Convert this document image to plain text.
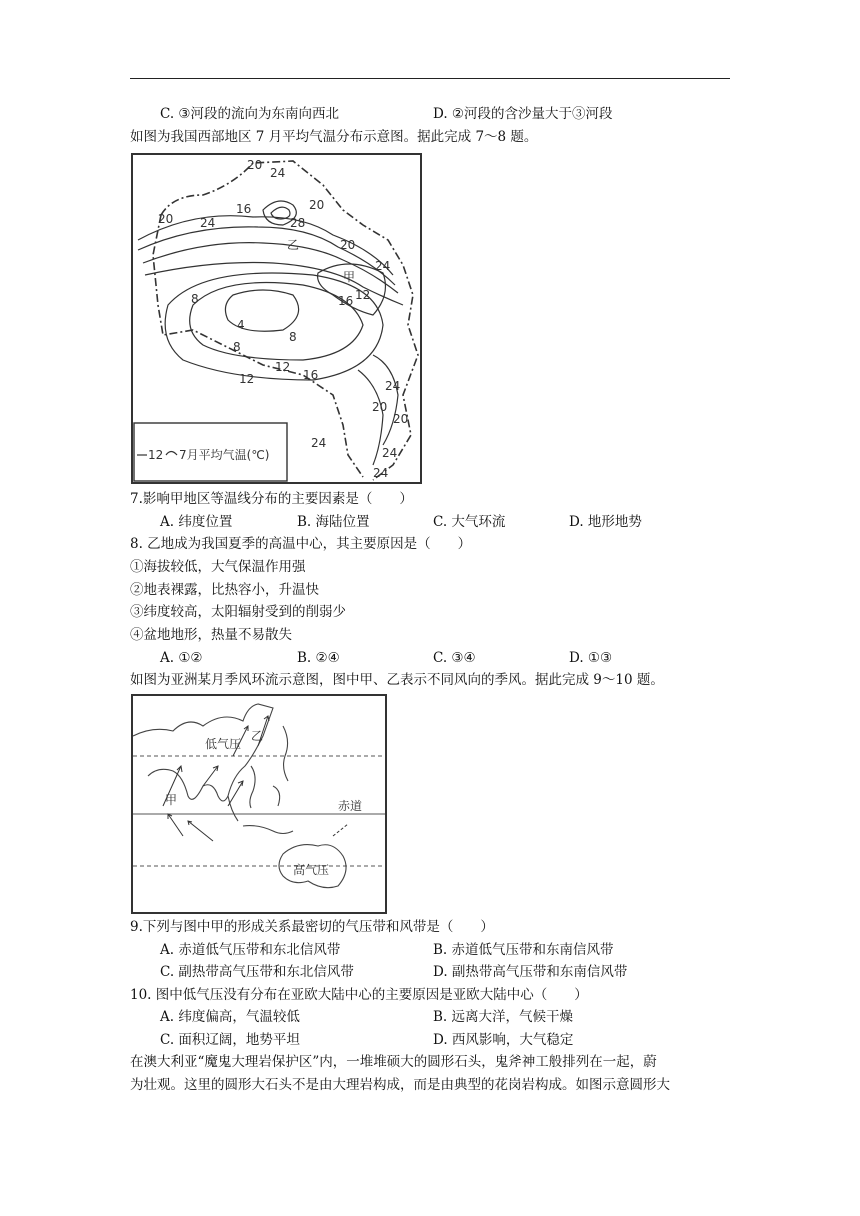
C. ③河段的流向为东南向西北	D. ②河段的含沙量大于③河段
如图为我国西部地区 7 月平均气温分布示意图。据此完成 7～8 题。
20
24
16
28
20
20 24
20
24
8	16 12
4
8
8
12
12	16
24
20
20
24
24
24
甲
乙
12 7月平均气温(℃)
7.影响甲地区等温线分布的主要因素是（　　）
A. 纬度位置	B. 海陆位置	C. 大气环流	D. 地形地势
8. 乙地成为我国夏季的高温中心，其主要原因是（　　）
①海拔较低，大气保温作用强
②地表裸露，比热容小，升温快
③纬度较高，太阳辐射受到的削弱少
④盆地地形，热量不易散失
A. ①②	B. ②④	C. ③④	D. ①③
如图为亚洲某月季风环流示意图，图中甲、乙表示不同风向的季风。据此完成 9～10 题。
低气压
乙
甲	赤道
高气压
9.下列与图中甲的形成关系最密切的气压带和风带是（　　）
A. 赤道低气压带和东北信风带	B. 赤道低气压带和东南信风带
C. 副热带高气压带和东北信风带	D. 副热带高气压带和东南信风带
10. 图中低气压没有分布在亚欧大陆中心的主要原因是亚欧大陆中心（　　）
A. 纬度偏高，气温较低	B. 远离大洋，气候干燥
C. 面积辽阔，地势平坦	D. 西风影响，大气稳定
在澳大利亚“魔鬼大理岩保护区”内，一堆堆硕大的圆形石头，鬼斧神工般排列在一起，蔚
为壮观。这里的圆形大石头不是由大理岩构成，而是由典型的花岗岩构成。如图示意圆形大
